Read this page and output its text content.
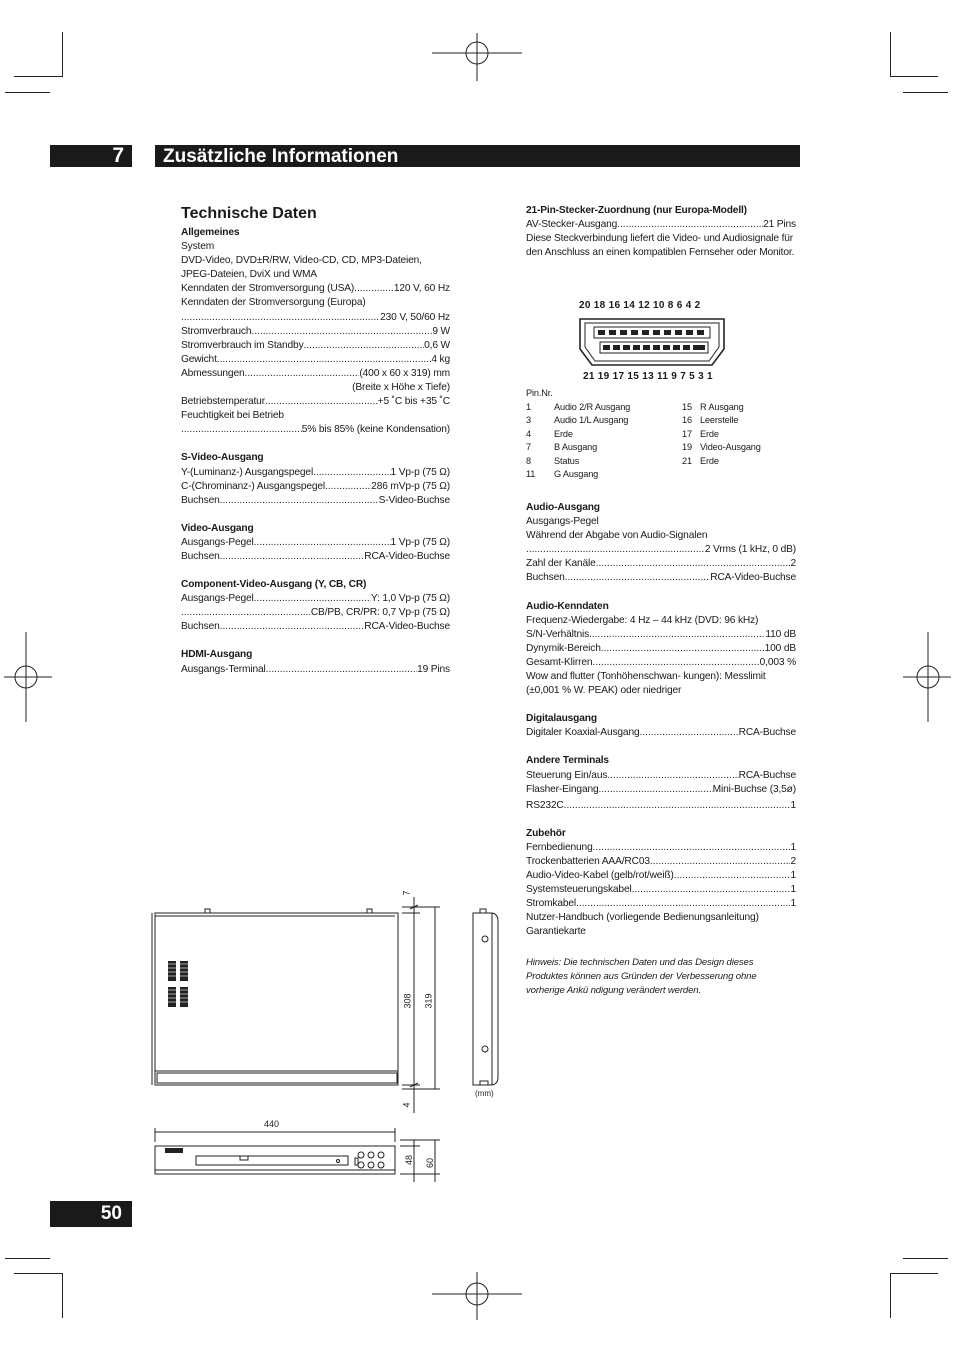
7	Zusätzliche Informationen
Technische Daten
Allgemeines
System
DVD-Video, DVD±R/RW, Video-CD, CD, MP3-Dateien,
JPEG-Dateien, DviX und WMA
Kenndaten der Stromversorgung (USA) .....	120 V, 60 Hz
Kenndaten der Stromversorgung (Europa)
.....
230 V, 50/60 Hz
Stromverbrauch .....	9 W
Stromverbrauch im Standby .....	0,6 W
Gewicht .....	4 kg
Abmessungen .....	(400 x 60 x 319) mm
(Breite x Höhe x Tiefe)
Betriebstemperatur .....	+5 ˚C bis +35 ˚C
Feuchtigkeit bei Betrieb
.....
5% bis 85% (keine Kondensation)
S-Video-Ausgang
Y-(Luminanz-) Ausgangspegel .....	1 Vp-p (75 Ω)
C-(Chrominanz-) Ausgangspegel .....	286 mVp-p (75 Ω)
Buchsen .....	S-Video-Buchse
Video-Ausgang
Ausgangs-Pegel .....	1 Vp-p (75 Ω)
Buchsen .....	RCA-Video-Buchse
Component-Video-Ausgang (Y, CB, CR)
Ausgangs-Pegel .....	Y: 1,0 Vp-p (75 Ω)
.....
CB/PB, CR/PR: 0,7 Vp-p (75 Ω)
Buchsen .....	RCA-Video-Buchse
HDMI-Ausgang
Ausgangs-Terminal .....	19 Pins
21-Pin-Stecker-Zuordnung (nur Europa-Modell)
AV-Stecker-Ausgang .....	21 Pins
Diese Steckverbindung liefert die Video- und Audiosignale für den Anschluss an einen kompatiblen Fernseher oder Monitor.
20 18 16 14 12 10 8 6 4 2
21 19 17 15 13 11 9 7 5 3 1
Pin.Nr.
1	Audio 2/R Ausgang	15 R Ausgang
3	Audio 1/L Ausgang	16 Leerstelle
4	Erde	17 Erde
7	B Ausgang	19 Video-Ausgang
8	Status	21 Erde
11	G Ausgang
Audio-Ausgang
Ausgangs-Pegel
Während der Abgabe von Audio-Signalen
.....
2 Vrms (1 kHz, 0 dB)
Zahl der Kanäle .....	2
Buchsen .....	RCA-Video-Buchse
Audio-Kenndaten
Frequenz-Wiedergabe: 4 Hz – 44 kHz (DVD: 96 kHz)
S/N-Verhältnis .....	110 dB
Dynymik-Bereich .....	100 dB
Gesamt-Klirren .....	0,003 %
Wow and flutter (Tonhöhenschwan- kungen): Messlimit
(±0,001 % W. PEAK) oder niedriger
Digitalausgang
Digitaler Koaxial-Ausgang .....	RCA-Buchse
Andere Terminals
Steuerung Ein/aus .....	RCA-Buchse
Flasher-Eingang .....	Mini-Buchse (3,5ø)
RS232C .....	1
Zubehör
Fernbedienung .....	1
Trockenbatterien AAA/RC03 .....	2
Audio-Video-Kabel (gelb/rot/weiß) .....	1
Systemsteuerungskabel .....	1
Stromkabel .....	1
Nutzer-Handbuch (vorliegende Bedienungsanleitung)
Garantiekarte
Hinweis: Die technischen Daten und das Design dieses Produktes können aus Gründen der Verbesserung ohne vorherige Ankü ndigung verändert werden.
7
308 319
4
(mm)
440
48 60
50
